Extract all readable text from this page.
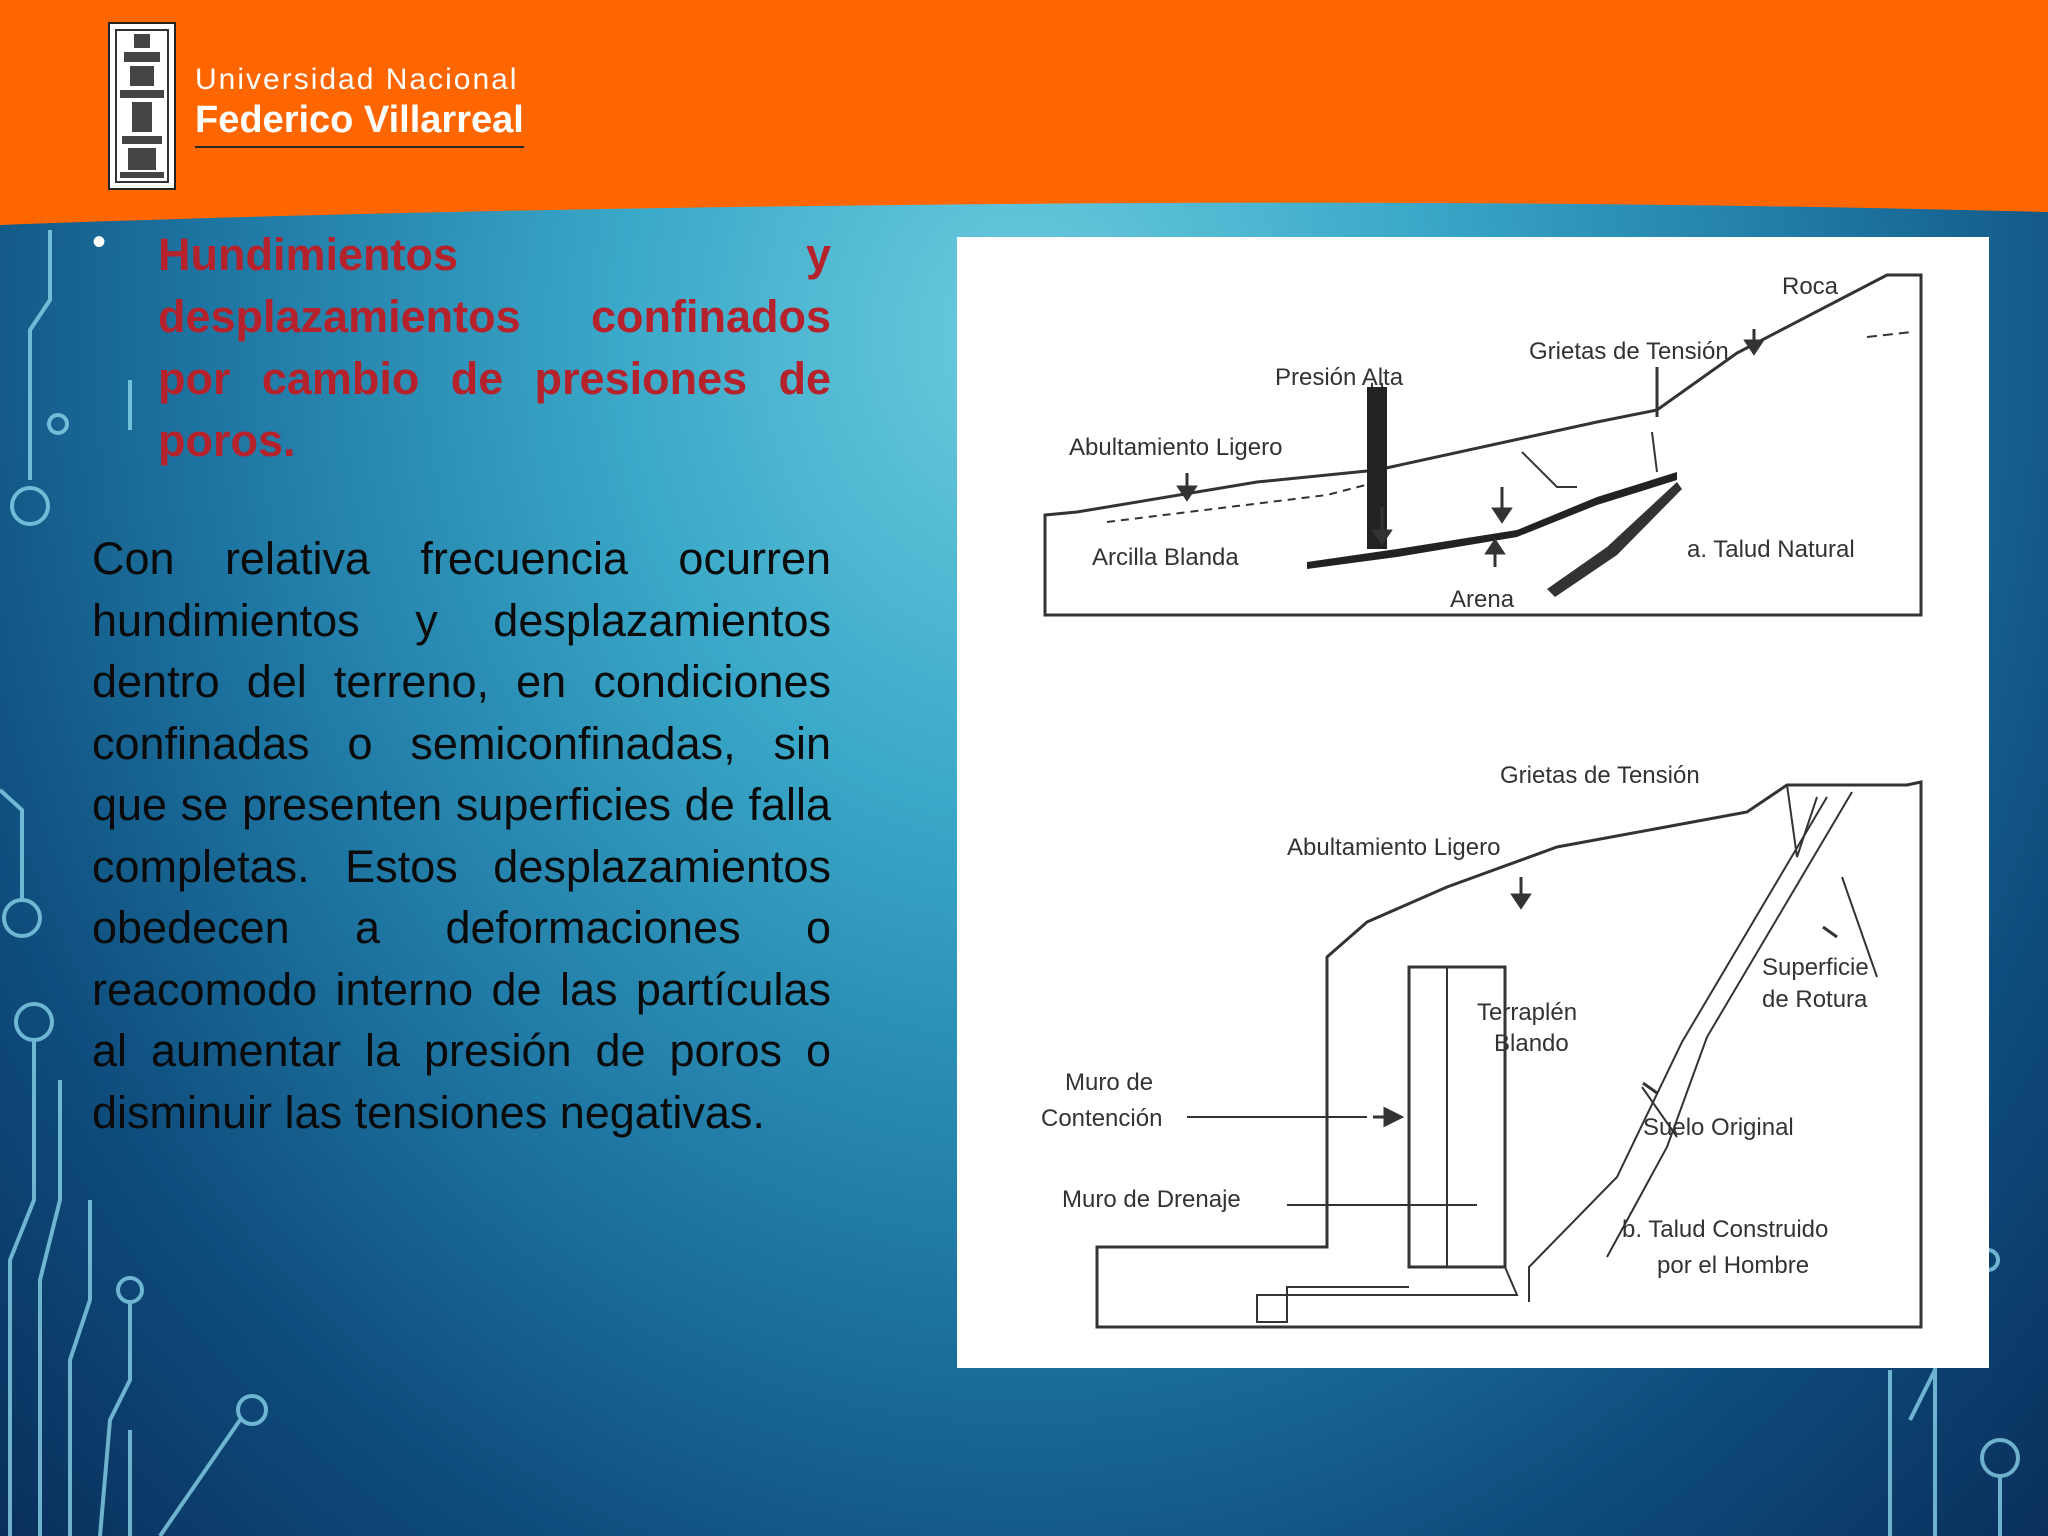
Universidad Nacional
Federico Villarreal
• Hundimientos y desplazamientos confinados por cambio de presiones de poros.
Con relativa frecuencia ocurren hundimientos y desplazamientos dentro del terreno, en condiciones confinadas o semiconfinadas, sin que se presenten superficies de falla completas. Estos desplazamientos obedecen a deformaciones o reacomodo interno de las partículas al aumentar la presión de poros o disminuir las tensiones negativas.
Roca
Grietas de Tensión
Presión Alta
Abultamiento Ligero
Arcilla Blanda
Arena
a. Talud Natural
Grietas de Tensión
Abultamiento Ligero
Superficie
de Rotura
Terraplén
Blando
Muro de
Contención	Suelo Original
Muro de Drenaje
b. Talud Construido
por el Hombre
